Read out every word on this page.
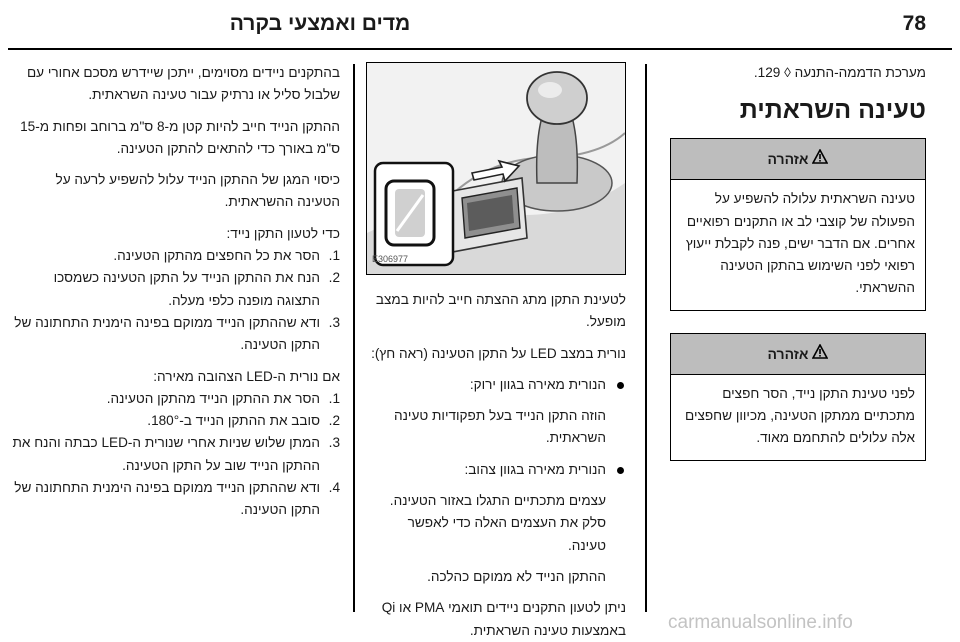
78
מדים ואמצעי בקרה

מערכת הדממה-התנעה ◊ 129.

טעינה השראתית
אזהרה
טעינה השראתית עלולה להשפיע על הפעולה של קוצבי לב או התקנים רפואיים אחרים. אם הדבר ישים, פנה לקבלת ייעוץ רפואי לפני השימוש בהתקן הטעינה ההשראתי.
אזהרה
לפני טעינת התקן נייד, הסר חפצים מתכתיים ממתקן הטעינה, מכיוון שחפצים אלה עלולים להתחמם מאוד.
E306977

לטעינת התקן מתג ההצתה חייב להיות במצב מופעל.

נורית במצב LED על התקן הטעינה (ראה חץ):

הנורית מאירה בגוון ירוק:

הוזה התקן הנייד בעל תפקודיות טעינה השראתית.

הנורית מאירה בגוון צהוב:

עצמים מתכתיים התגלו באזור הטעינה. סלק את העצמים האלה כדי לאפשר טעינה.

ההתקן הנייד לא ממוקם כהלכה.

ניתן לטעון התקנים ניידים תואמי PMA או Qi באמצעות טעינה השראתית.

בהתקנים ניידים מסוימים, ייתכן שיידרש מסכם אחורי עם שלבול סליל או נרתיק עבור טעינה השראתית.

ההתקן הנייד חייב להיות קטן מ-8 ס"מ ברוחב ופחות מ-15 ס"מ באורך כדי להתאים להתקן הטעינה.

כיסוי המגן של ההתקן הנייד עלול להשפיע לרעה על הטעינה ההשראתית.

כדי לטעון התקן נייד:

1.
הסר את כל החפצים מהתקן הטעינה.
2.
הנח את ההתקן הנייד על התקן הטעינה כשמסכו התצוגה מופנה כלפי מעלה.
3.
ודא שההתקן הנייד ממוקם בפינה הימנית התחתונה של התקן הטעינה.

אם נורית ה-LED הצהובה מאירה:

1.
הסר את ההתקן הנייד מהתקן הטעינה.
2.
סובב את ההתקן הנייד ב-180°.
3.
המתן שלוש שניות אחרי שנורית ה-LED כבתה והנח את ההתקן הנייד שוב על התקן הטעינה.
4.
ודא שההתקן הנייד ממוקם בפינה הימנית התחתונה של התקן הטעינה.
carmanualsonline.info
